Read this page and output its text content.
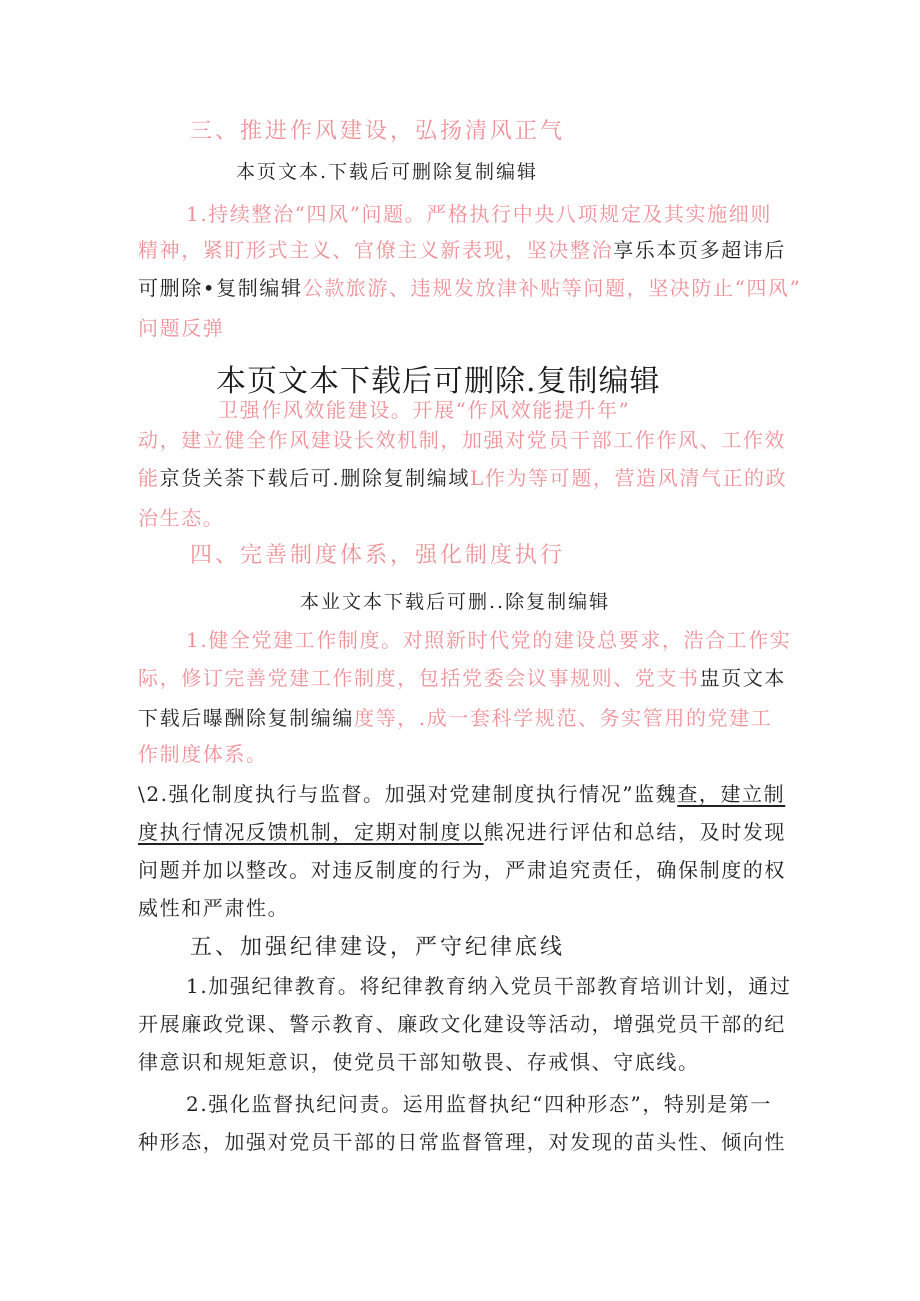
三、推进作风建设，弘扬清风正气
本页文本.下载后可删除复制编辑
1.持续整治“四风”问题。严格执行中央八项规定及其实施细则
精神，紧盯形式主义、官僚主义新表现，坚决整治享乐本页多超讳后
可删除•复制编辑公款旅游、违规发放津补贴等问题，坚决防止“四风”
问题反弹
卫强作风效能建设。开展“作风效能提升年”
本页文本下载后可删除.复制编辑
动，建立健全作风建设长效机制，加强对党员干部工作作风、工作效
能京货关荼下载后可.删除复制编域L作为等可题，营造风清气正的政
治生态。
四、完善制度体系，强化制度执行
本业文本下载后可删..除复制编辑
1.健全党建工作制度。对照新时代党的建设总要求，浩合工作实
际，修订完善党建工作制度，包括党委会议事规则、党支书盅页文本
下载后曝酬除复制编编度等，.成一套科学规范、务实管用的党建工
作制度体系。
\2.强化制度执行与监督。加强对党建制度执行情况”监魏查，建立制
度执行情况反馈机制，定期对制度以熊况进行评估和总结，及时发现
问题并加以整改。对违反制度的行为，严肃追究责任，确保制度的权
威性和严肃性。
五、加强纪律建设，严守纪律底线
1.加强纪律教育。将纪律教育纳入党员干部教育培训计划，通过
开展廉政党课、警示教育、廉政文化建设等活动，增强党员干部的纪
律意识和规矩意识，使党员干部知敬畏、存戒惧、守底线。
2.强化监督执纪问责。运用监督执纪“四种形态”，特别是第一
种形态，加强对党员干部的日常监督管理，对发现的苗头性、倾向性
